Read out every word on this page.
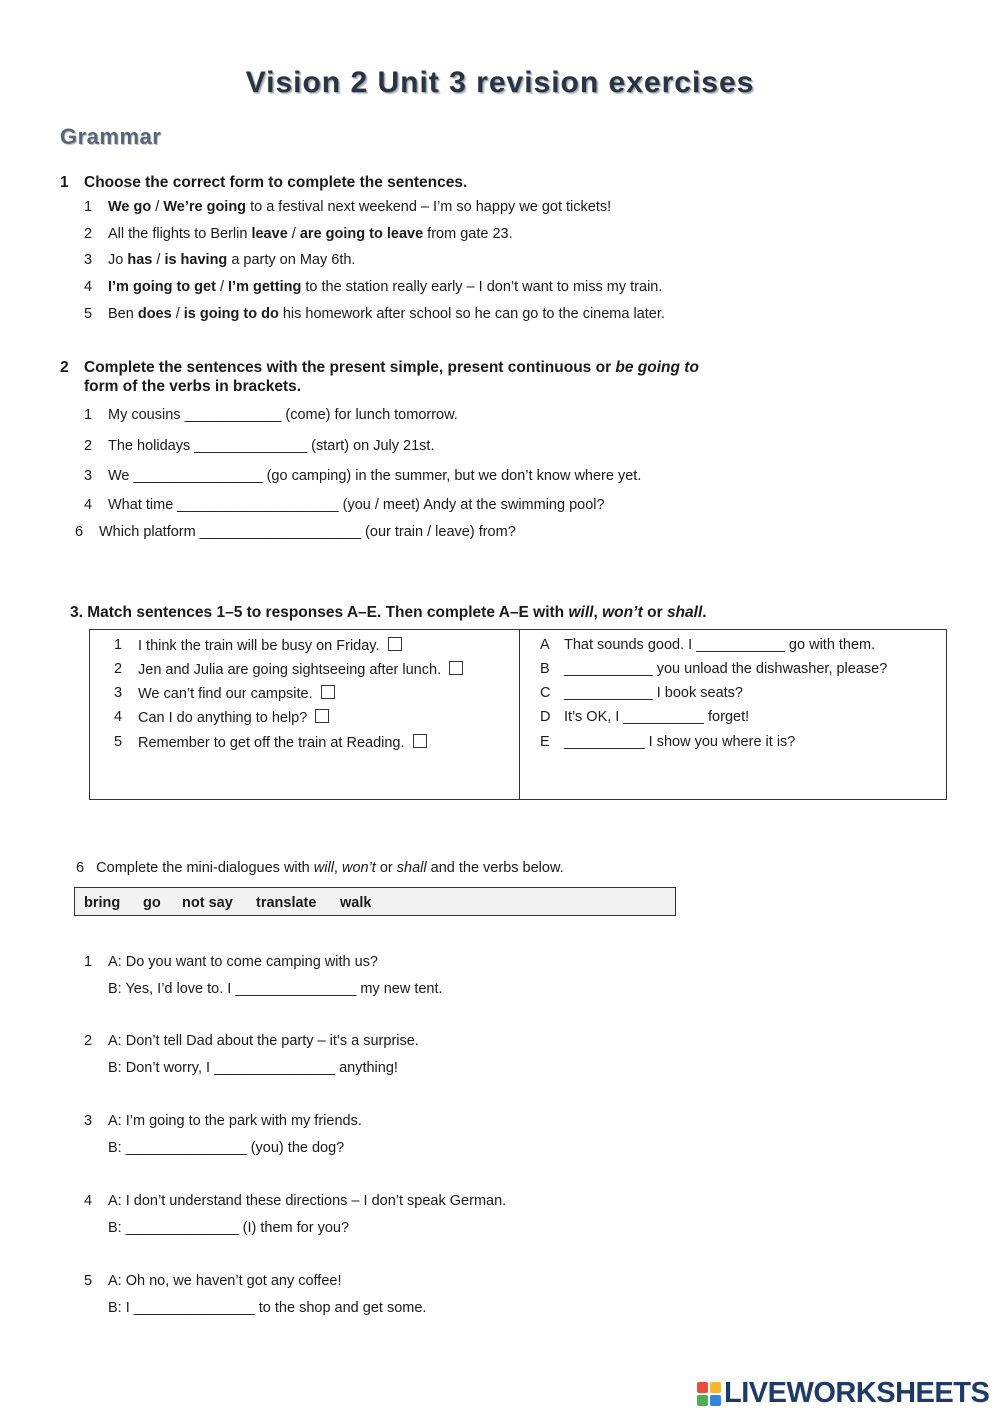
Vision 2 Unit 3 revision exercises
Grammar
1 Choose the correct form to complete the sentences.
1 We go / We’re going to a festival next weekend – I’m so happy we got tickets!
2 All the flights to Berlin leave / are going to leave from gate 23.
3 Jo has / is having a party on May 6th.
4 I’m going to get / I’m getting to the station really early – I don’t want to miss my train.
5 Ben does / is going to do his homework after school so he can go to the cinema later.
2 Complete the sentences with the present simple, present continuous or be going to
form of the verbs in brackets.
1 My cousins ____________ (come) for lunch tomorrow.
2 The holidays ______________ (start) on July 21st.
3 We ________________ (go camping) in the summer, but we don’t know where yet.
4 What time ____________________ (you / meet) Andy at the swimming pool?
6 Which platform ____________________ (our train / leave) from?
3. Match sentences 1–5 to responses A–E. Then complete A–E with will, won’t or shall.
1 I think the train will be busy on Friday.
2 Jen and Julia are going sightseeing after lunch.
3 We can’t find our campsite.
4 Can I do anything to help?
5 Remember to get off the train at Reading.
A That sounds good. I ___________ go with them.
B ___________ you unload the dishwasher, please?
C ___________ I book seats?
D It’s OK, I __________ forget!
E __________ I show you where it is?
6 Complete the mini-dialogues with will, won’t or shall and the verbs below.
bring go not say translate walk
1 A: Do you want to come camping with us?
B: Yes, I’d love to. I _______________ my new tent.
2 A: Don’t tell Dad about the party – it’s a surprise.
B: Don’t worry, I _______________ anything!
3 A: I’m going to the park with my friends.
B: _______________ (you) the dog?
4 A: I don’t understand these directions – I don’t speak German.
B: ______________ (I) them for you?
5 A: Oh no, we haven’t got any coffee!
B: I _______________ to the shop and get some.
LIVEWORKSHEETS
